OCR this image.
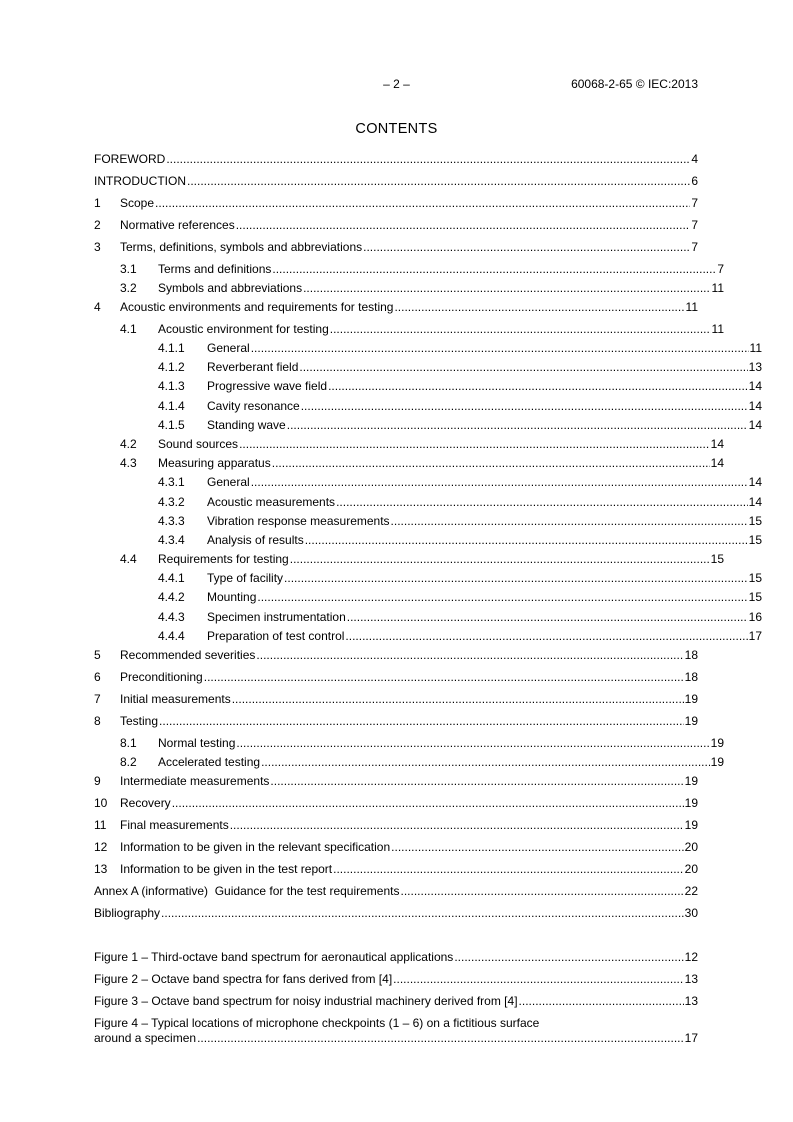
– 2 –	60068-2-65 © IEC:2013
CONTENTS
FOREWORD .....	4
INTRODUCTION .....	6
1	Scope .....	7
2	Normative references .....	7
3	Terms, definitions, symbols and abbreviations .....	7
3.1	Terms and definitions .....	7
3.2	Symbols and abbreviations .....	11
4	Acoustic environments and requirements for testing .....	11
4.1	Acoustic environment for testing .....	11
4.1.1	General .....	11
4.1.2	Reverberant field .....	13
4.1.3	Progressive wave field .....	14
4.1.4	Cavity resonance .....	14
4.1.5	Standing wave .....	14
4.2	Sound sources .....	14
4.3	Measuring apparatus .....	14
4.3.1	General .....	14
4.3.2	Acoustic measurements .....	14
4.3.3	Vibration response measurements .....	15
4.3.4	Analysis of results .....	15
4.4	Requirements for testing .....	15
4.4.1	Type of facility .....	15
4.4.2	Mounting .....	15
4.4.3	Specimen instrumentation .....	16
4.4.4	Preparation of test control .....	17
5	Recommended severities .....	18
6	Preconditioning .....	18
7	Initial measurements .....	19
8	Testing .....	19
8.1	Normal testing .....	19
8.2	Accelerated testing .....	19
9	Intermediate measurements .....	19
10	Recovery .....	19
11	Final measurements .....	19
12	Information to be given in the relevant specification .....	20
13	Information to be given in the test report .....	20
Annex A (informative)  Guidance for the test requirements .....	22
Bibliography .....	30
Figure 1 – Third-octave band spectrum for aeronautical applications .....	12
Figure 2 – Octave band spectra for fans derived from [4] .....	13
Figure 3 – Octave band spectrum for noisy industrial machinery derived from [4] .....	13
Figure 4 – Typical locations of microphone checkpoints (1 – 6) on a fictitious surface
around a specimen .....	17
